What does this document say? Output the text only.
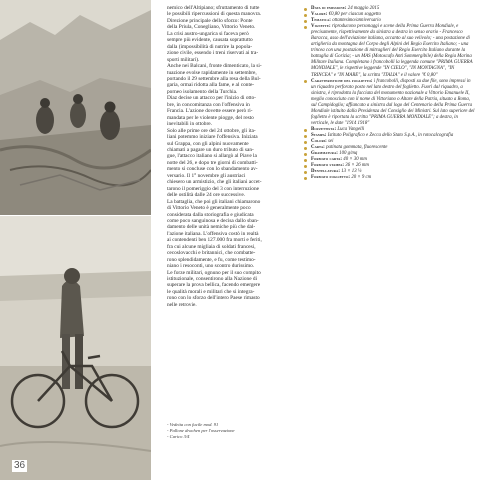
36

nemico dell'Altipiano; sfruttamento di tutte

le possibili ripercussioni di questa manovra.

Direzione principale dello sforzo: Ponte

della Priula, Conegliano, Vittorio Veneto.

La crisi austro-ungarica si faceva però

sempre più evidente, causata soprattutto

dalla (impossibilità di nutrire la popola-

zione civile, essendo i treni riservati ai tra-

sporti militari).

Anche nei Balcani, fronte dimenticato, la si-

tuazione evolse rapidamente in settembre,

portando il 29 settembre alla resa della Bul-

garia, ormai ridotta alla fame, e al conte-

porneo isolamento della Turchia.

Diaz decise un attacco per l'inizio di otto-

bre, in concomitanza con l'offensiva in

Francia. L'azione dovette essere però ri-

mandata per le violente piogge, del resto

inevitabili in ottobre.

Solo alle prime ore del 24 ottobre, gli ita-

liani potemmo iniziare l'offensiva. Iniziata

sul Grappa, con gli alpini nuovamente

chiamati a pagare un duro tributo di san-

gue, l'attacco italiano si allargò al Piave la

notte del 26, e dopo tre giorni di combatti-

mento si concluse con lo sbandamento av-

versario. Il 1° novembre gli austriaci

chiesero un armistizio, che gli italiani accet-

tarono il pomeriggio del 3 con interruzione

delle ostilità dalle 24 ore successive.

La battaglia, che poi gli italiani chiamarono

di Vittorio Veneto è generalmente poco

considerata dalla storiografia e giudicata

come poco sanguinosa e decisa dallo sban-

damento delle unità nemiche più che dal-

l'azione italiana. L'offensiva costò in realtà

ai contendenti ben 127.000 fra morti e feriti,

fra cui alcune migliaia di soldati francesi,

cecoslovacchi e britannici, che combatte-

rono splendidamente, e fu, come testimo-

niano i resoconti, uno scontro durissimo.

Le forze militari, ognuno per il suo compito

istituzionale, consentirono alla Nazione di

superare la prova bellica, facendo emergere

le qualità morali e militari che si integra-

rono con lo sforzo dell'intero Paese rimasto

nelle retrovie.

- Vedetta con fucile mod. 91
- Pallone drachen per l'osservazione
- Carico 3/4
Data di emissione: 24 maggio 2015
Valore: €0,80 per ciascun soggetto
Tematica: ottantesimo/anniversario
Vignette: riproducono personaggi e scene della Prima Guerra Mondiale, e precisamente, rispettivamente da sinistra a destra in senso orario - Francesco Baracca, asso dell'aviazione italiana, accanto al suo velivolo; - una postazione di artiglieria da montagna del Corpo degli Alpini del Regio Esercito Italiano; - una trincea con una postazione di mitraglieri del Regio Esercito Italiano durante la battaglia di Gorizia; - un MAS (Motoscafo Anti Sommergibile) della Regia Marina Militare Italiana. Completano i francobolli la leggenda comune "PRIMA GUERRA MONDIALE", le rispettive leggende "IN CIELO", "IN MONTAGNA", "IN TRINCEA" e "IN MARE", la scritta "ITALIA" e il valore "€ 0,80"
Caratteristiche del foglietto: i francobolli, disposti su due file, sono impressi in un riquadro perforato posto nel lato destro del foglietto. Fuori dal riquadro, a sinistra, è riprodotta la facciata del monumento nazionale a Vittorio Emanuele II, meglio conosciuto con il nome di Vittoriano o Altare della Patria, situato a Roma, sul Campidoglio; affiancato a sinistra dal logo del Centenario della Prima Guerra Mondiale istituito dalla Presidenza del Consiglio dei Ministri. Sul lato superiore del foglietto è riportata la scritta "PRIMA GUERRA MONDIALE"; a destra, in verticale, le date "1914 1918"
Bozzettista: Luca Vangelli
Stampa: Istituto Poligrafico e Zecca dello Stato S.p.A., in rotocalcografia
Colori: sei
Carta: patinata gommata, fluorescente
Grammatura: 100 g/mq
Formato carta: 40 × 30 mm
Formato stampa: 36 × 26 mm
Dentellatura: 13 × 13 ¼
Formato foglietto: 20 × 9 cm
